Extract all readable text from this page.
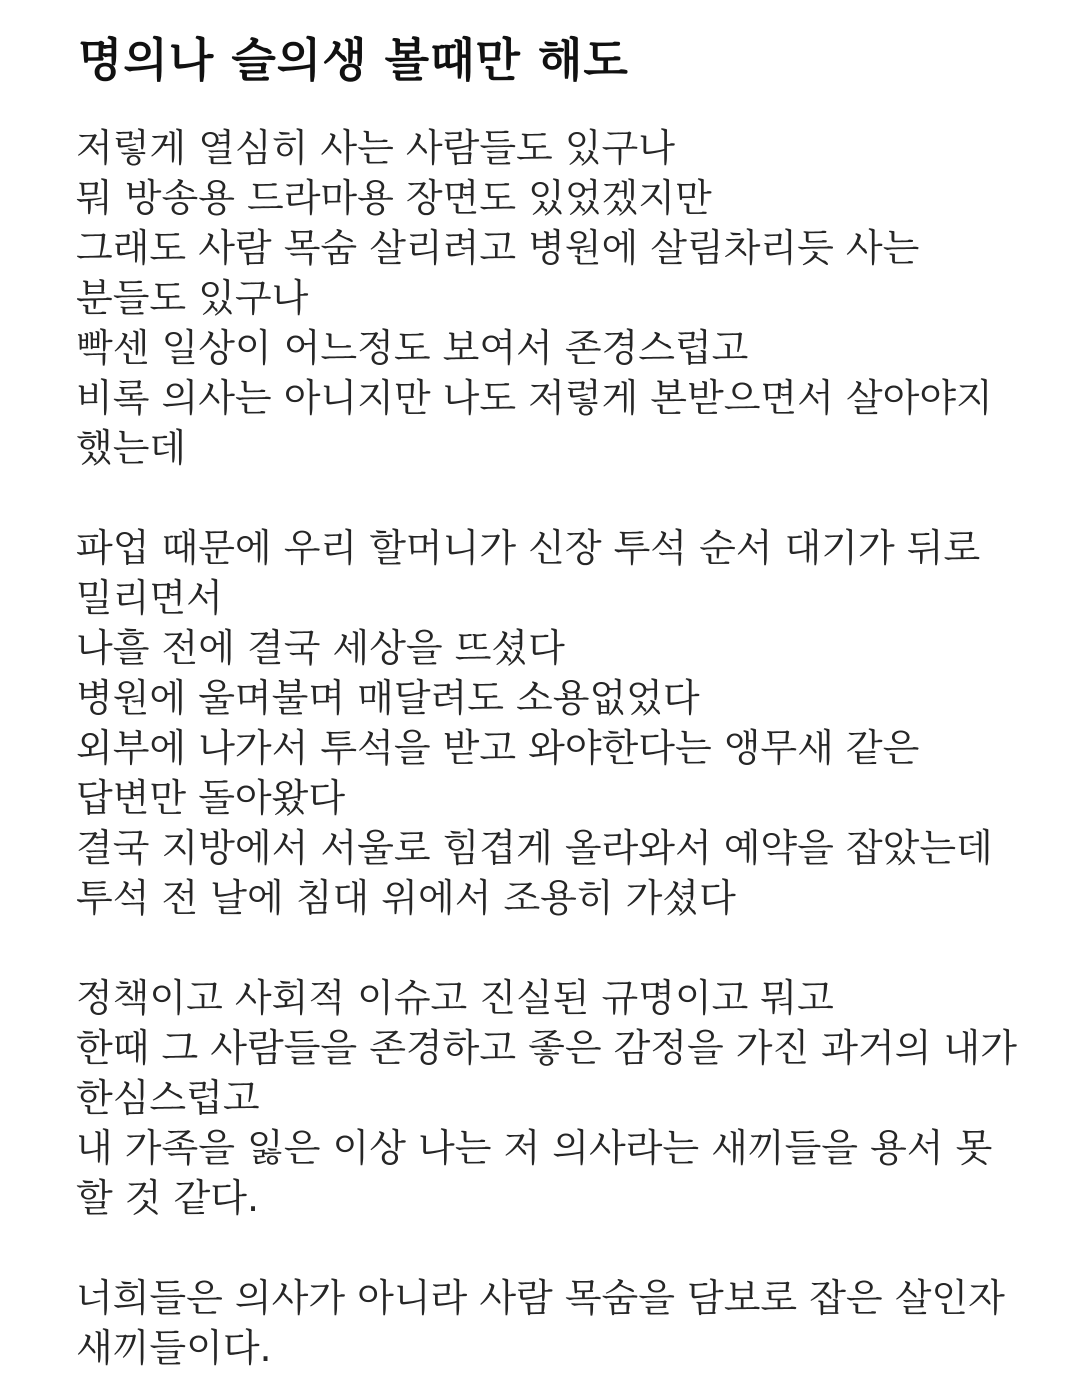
명의나 슬의생 볼때만 해도
저렇게 열심히 사는 사람들도 있구나
뭐 방송용 드라마용 장면도 있었겠지만
그래도 사람 목숨 살리려고 병원에 살림차리듯 사는
분들도 있구나
빡센 일상이 어느정도 보여서 존경스럽고
비록 의사는 아니지만 나도 저렇게 본받으면서 살아야지
했는데
파업 때문에 우리 할머니가 신장 투석 순서 대기가 뒤로
밀리면서
나흘 전에 결국 세상을 뜨셨다
병원에 울며불며 매달려도 소용없었다
외부에 나가서 투석을 받고 와야한다는 앵무새 같은
답변만 돌아왔다
결국 지방에서 서울로 힘겹게 올라와서 예약을 잡았는데
투석 전 날에 침대 위에서 조용히 가셨다
정책이고 사회적 이슈고 진실된 규명이고 뭐고
한때 그 사람들을 존경하고 좋은 감정을 가진 과거의 내가
한심스럽고
내 가족을 잃은 이상 나는 저 의사라는 새끼들을 용서 못
할 것 같다.
너희들은 의사가 아니라 사람 목숨을 담보로 잡은 살인자
새끼들이다.
